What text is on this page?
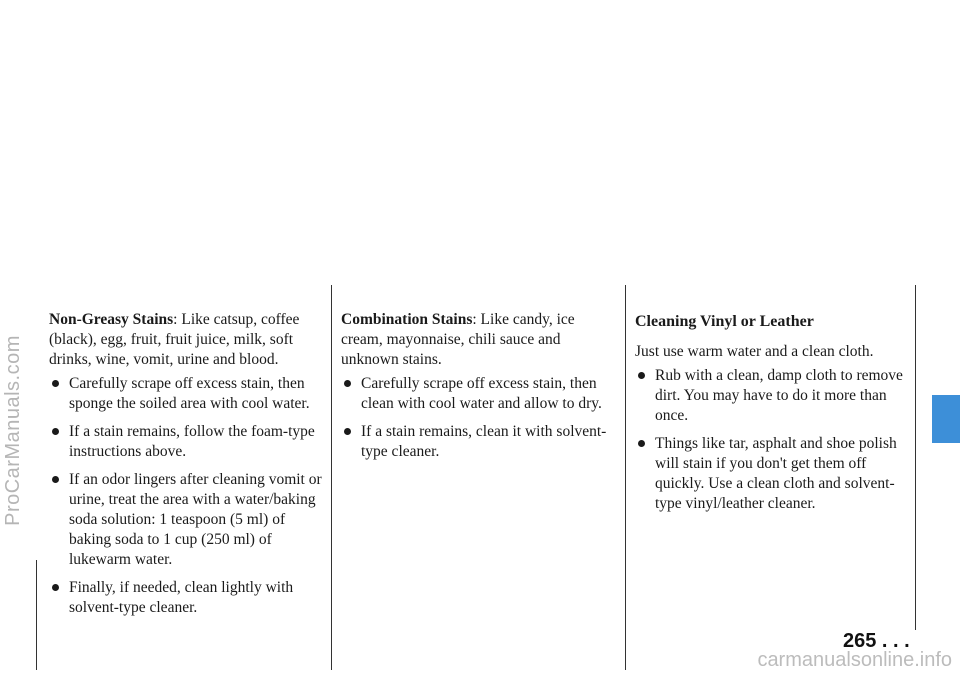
ProCarManuals.com

Non-Greasy Stains: Like catsup, coffee (black), egg, fruit, fruit juice, milk, soft drinks, wine, vomit, urine and blood.

Carefully scrape off excess stain, then sponge the soiled area with cool water.
If a stain remains, follow the foam-type instructions above.
If an odor lingers after cleaning vomit or urine, treat the area with a water/baking soda solution: 1 teaspoon (5 ml) of baking soda to 1 cup (250 ml) of lukewarm water.
Finally, if needed, clean lightly with solvent-type cleaner.

Combination Stains: Like candy, ice cream, mayonnaise, chili sauce and unknown stains.

Carefully scrape off excess stain, then clean with cool water and allow to dry.
If a stain remains, clean it with solvent-type cleaner.

Cleaning Vinyl or Leather

Just use warm water and a clean cloth.

Rub with a clean, damp cloth to remove dirt. You may have to do it more than once.
Things like tar, asphalt and shoe polish will stain if you don't get them off quickly. Use a clean cloth and solvent-type vinyl/leather cleaner.
265 . . .
carmanualsonline.info
